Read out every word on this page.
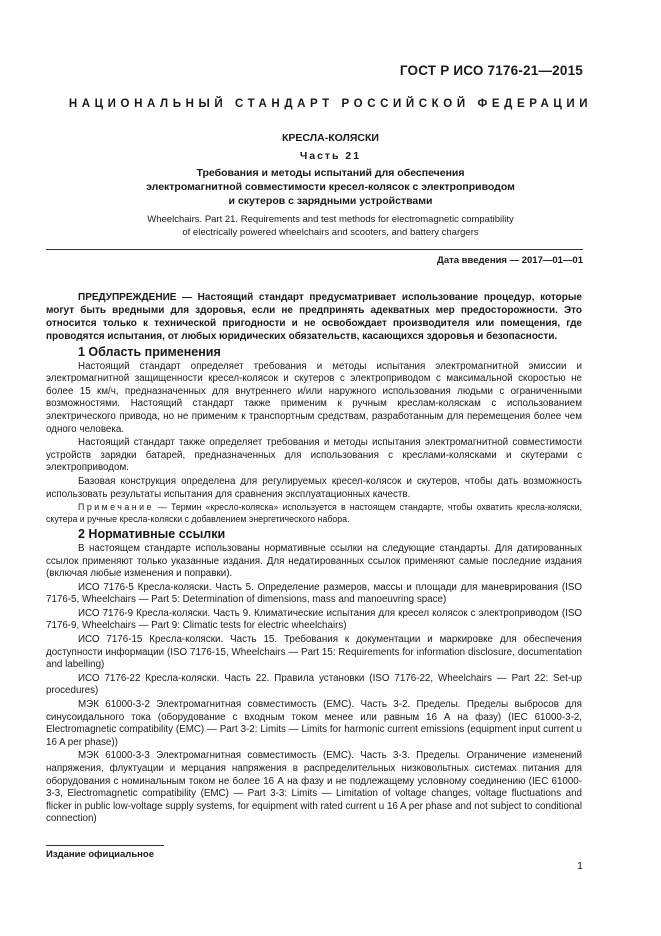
ГОСТ Р ИСО 7176-21—2015
НАЦИОНАЛЬНЫЙ СТАНДАРТ РОССИЙСКОЙ ФЕДЕРАЦИИ
КРЕСЛА-КОЛЯСКИ
Часть 21
Требования и методы испытаний для обеспечения
электромагнитной совместимости кресел-колясок с электроприводом
и скутеров с зарядными устройствами
Wheelchairs. Part 21. Requirements and test methods for electromagnetic compatibility
of electrically powered wheelchairs and scooters, and battery chargers
Дата введения — 2017—01—01

ПРЕДУПРЕЖДЕНИЕ — Настоящий стандарт предусматривает использование процедур, которые могут быть вредными для здоровья, если не предпринять адекватных мер предосторожности. Это относится только к технической пригодности и не освобождает производителя или помещения, где проводятся испытания, от любых юридических обязательств, касающихся здоровья и безопасности.

1 Область применения

Настоящий стандарт определяет требования и методы испытания электромагнитной эмиссии и электромагнитной защищенности кресел-колясок и скутеров с электроприводом с максимальной скоростью не более 15 км/ч, предназначенных для внутреннего и/или наружного использования людьми с ограниченными возможностями. Настоящий стандарт также применим к ручным креслам-коляскам с использованием электрического привода, но не применим к транспортным средствам, разработанным для перемещения более чем одного человека.

Настоящий стандарт также определяет требования и методы испытания электромагнитной совместимости устройств зарядки батарей, предназначенных для использования с креслами-колясками и скутерами с электроприводом.

Базовая конструкция определена для регулируемых кресел-колясок и скутеров, чтобы дать возможность использовать результаты испытания для сравнения эксплуатационных качеств.

Примечание — Термин «кресло-коляска» используется в настоящем стандарте, чтобы охватить кресла-коляски, скутера и ручные кресла-коляски с добавлением энергетического набора.

2 Нормативные ссылки

В настоящем стандарте использованы нормативные ссылки на следующие стандарты. Для датированных ссылок применяют только указанные издания. Для недатированных ссылок применяют самые последние издания (включая любые изменения и поправки).

ИСО 7176-5 Кресла-коляски. Часть 5. Определение размеров, массы и площади для маневрирования (ISO 7176-5, Wheelchairs — Part 5: Determination of dimensions, mass and manoeuvring space)

ИСО 7176-9 Кресла-коляски. Часть 9. Климатические испытания для кресел колясок с электроприводом (ISO 7176-9, Wheelchairs — Part 9: Climatic tests for electric wheelchairs)

ИСО 7176-15 Кресла-коляски. Часть 15. Требования к документации и маркировке для обеспечения доступности информации (ISO 7176-15, Wheelchairs — Part 15: Requirements for information disclosure, documentation and labelling)

ИСО 7176-22 Кресла-коляски. Часть 22. Правила установки (ISO 7176-22, Wheelchairs — Part 22: Set-up procedures)

МЭК 61000-3-2 Электромагнитная совместимость (ЕМС). Часть 3-2. Пределы. Пределы выбросов для синусоидального тока (оборудование с входным током менее или равным 16 А на фазу) (IEC 61000-3-2, Electromagnetic compatibility (EMC) — Part 3-2: Limits — Limits for harmonic current emissions (equipment input current u 16 A per phase))

МЭК 61000-3-3 Электромагнитная совместимость (ЕМС). Часть 3-3. Пределы. Ограничение изменений напряжения, флуктуации и мерцания напряжения в распределительных низковольтных системах питания для оборудования с номинальным током не более 16 А на фазу и не подлежащему условному соединению (IEC 61000-3-3, Electromagnetic compatibility (EMC) — Part 3-3: Limits — Limitation of voltage changes, voltage fluctuations and flicker in public low-voltage supply systems, for equipment with rated current u 16 A per phase and not subject to conditional connection)

Издание официальное
1
